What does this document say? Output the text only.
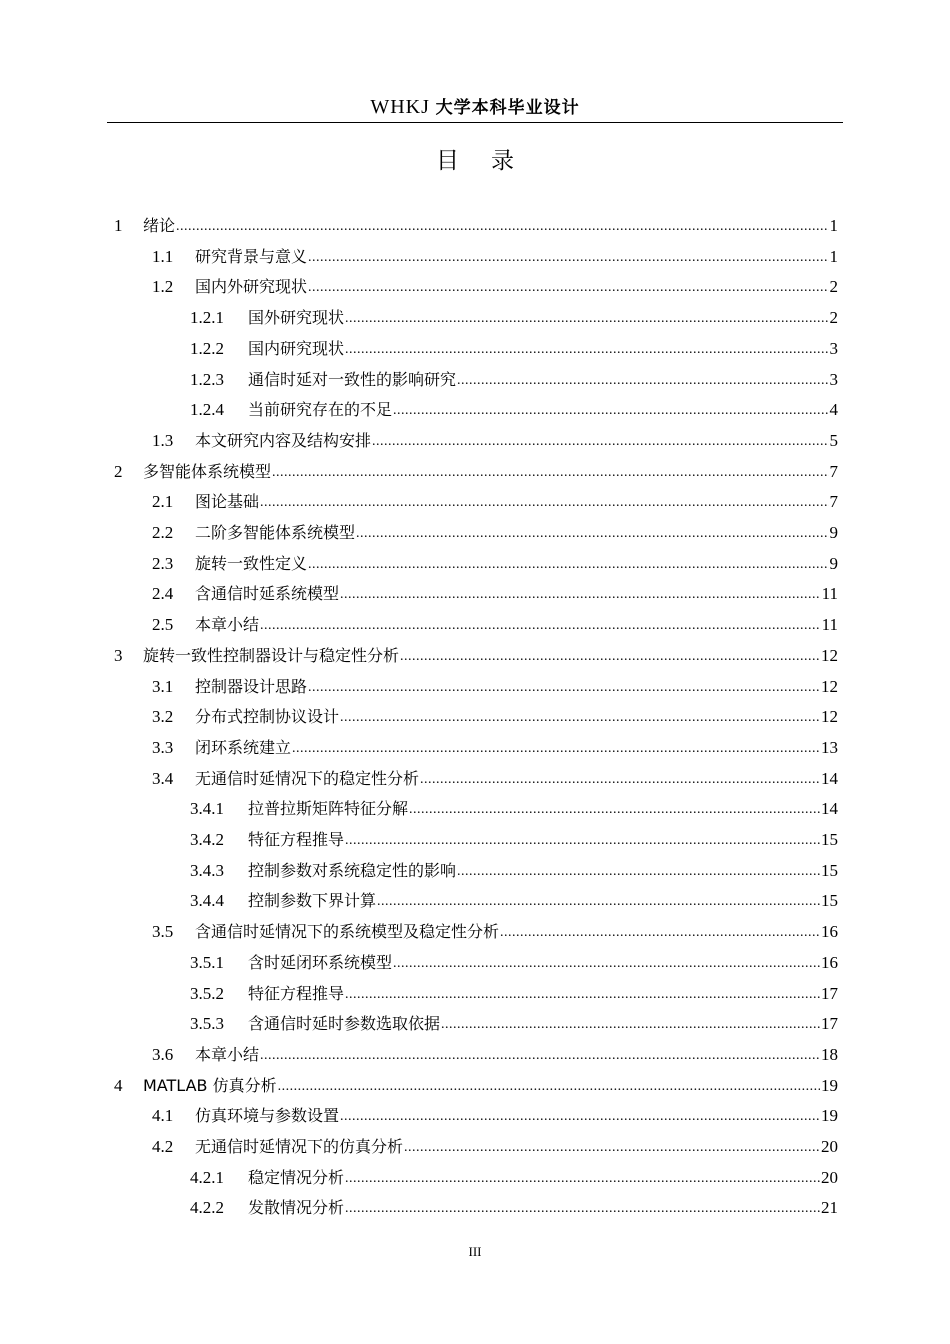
WHKJ 大学本科毕业设计
目 录
1	绪论 .....	1
1.1	研究背景与意义 .....	1
1.2	国内外研究现状 .....	2
1.2.1	国外研究现状 .....	2
1.2.2	国内研究现状 .....	3
1.2.3	通信时延对一致性的影响研究 .....	3
1.2.4	当前研究存在的不足 .....	4
1.3	本文研究内容及结构安排 .....	5
2	多智能体系统模型 .....	7
2.1	图论基础 .....	7
2.2	二阶多智能体系统模型 .....	9
2.3	旋转一致性定义 .....	9
2.4	含通信时延系统模型 .....	11
2.5	本章小结 .....	11
3	旋转一致性控制器设计与稳定性分析 .....	12
3.1	控制器设计思路 .....	12
3.2	分布式控制协议设计 .....	12
3.3	闭环系统建立 .....	13
3.4	无通信时延情况下的稳定性分析 .....	14
3.4.1	拉普拉斯矩阵特征分解 .....	14
3.4.2	特征方程推导 .....	15
3.4.3	控制参数对系统稳定性的影响 .....	15
3.4.4	控制参数下界计算 .....	15
3.5	含通信时延情况下的系统模型及稳定性分析 .....	16
3.5.1	含时延闭环系统模型 .....	16
3.5.2	特征方程推导 .....	17
3.5.3	含通信时延时参数选取依据 .....	17
3.6	本章小结 .....	18
4	MATLAB 仿真分析 .....	19
4.1	仿真环境与参数设置 .....	19
4.2	无通信时延情况下的仿真分析 .....	20
4.2.1	稳定情况分析 .....	20
4.2.2	发散情况分析 .....	21
III
